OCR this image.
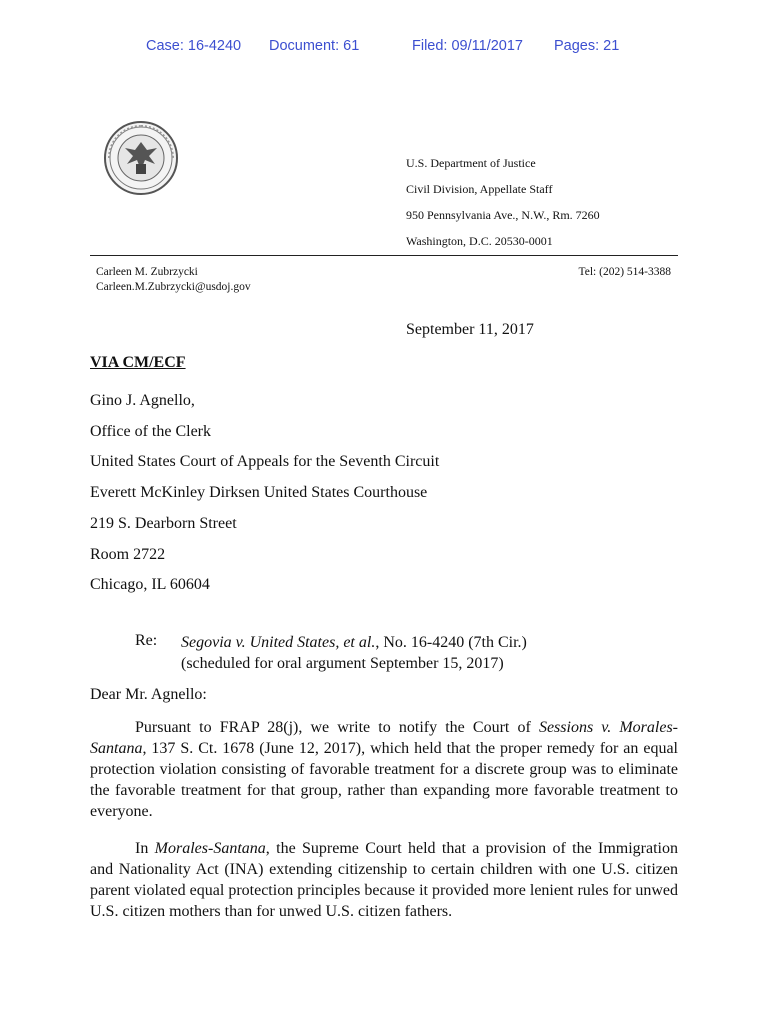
Case: 16-4240 Document: 61	Filed: 09/11/2017 Pages: 21
U.S. Department of Justice
Civil Division, Appellate Staff
950 Pennsylvania Ave., N.W., Rm. 7260
Washington, D.C. 20530-0001
Carleen M. Zubrzycki
Carleen.M.Zubrzycki@usdoj.gov
Tel: (202) 514-3388
September 11, 2017
VIA CM/ECF
Gino J. Agnello,
Office of the Clerk
United States Court of Appeals for the Seventh Circuit
Everett McKinley Dirksen United States Courthouse
219 S. Dearborn Street
Room 2722
Chicago, IL 60604
Re: Segovia v. United States, et al., No. 16-4240 (7th Cir.)
(scheduled for oral argument September 15, 2017)
Dear Mr. Agnello:

Pursuant to FRAP 28(j), we write to notify the Court of Sessions v. Morales-Santana, 137 S. Ct. 1678 (June 12, 2017), which held that the proper remedy for an equal protection violation consisting of favorable treatment for a discrete group was to eliminate the favorable treatment for that group, rather than expanding more favorable treatment to everyone.

In Morales-Santana, the Supreme Court held that a provision of the Immigration and Nationality Act (INA) extending citizenship to certain children with one U.S. citizen parent violated equal protection principles because it provided more lenient rules for unwed U.S. citizen mothers than for unwed U.S. citizen fathers.
